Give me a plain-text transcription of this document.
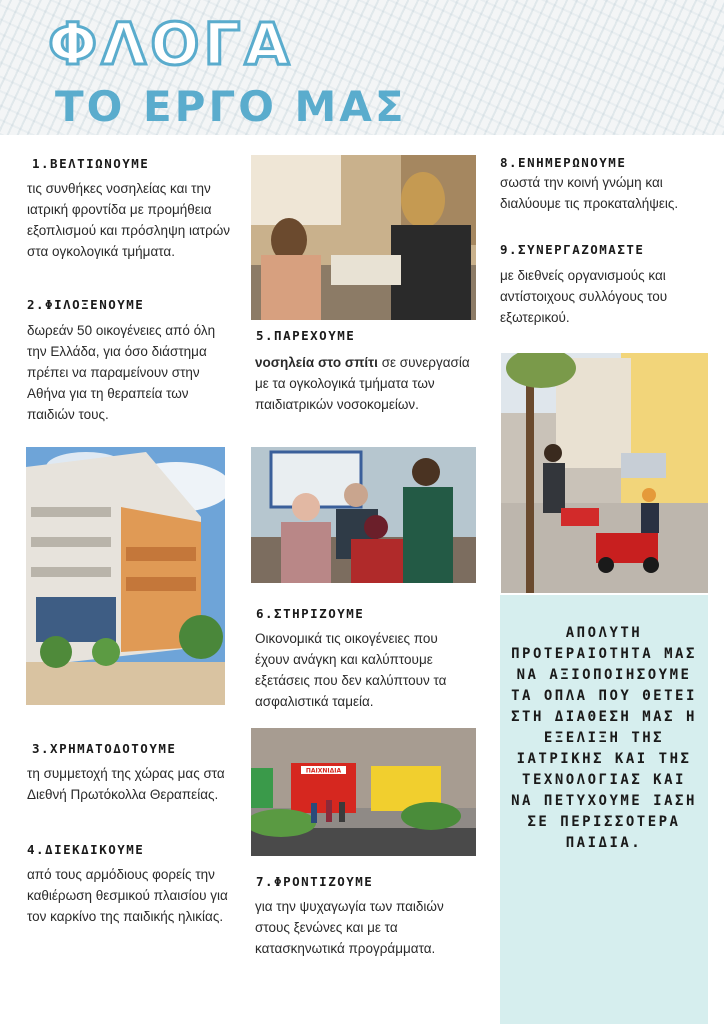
ΦΛΟΓΑ
ΤΟ ΕΡΓΟ ΜΑΣ
1.ΒΕΛΤΙΩΝΟΥΜΕ
τις συνθήκες νοσηλείας και την ιατρική φροντίδα με προμήθεια εξοπλισμού και πρόσληψη ιατρών στα ογκολογικά τμήματα.
2.ΦΙΛΟΞΕΝΟΥΜΕ
δωρεάν 50 οικογένειες από όλη την Ελλάδα, για όσο διάστημα πρέπει να παραμείνουν στην Αθήνα για τη θεραπεία των παιδιών τους.
3.ΧΡΗΜΑΤΟΔΟΤΟΥΜΕ
τη συμμετοχή της χώρας μας στα Διεθνή Πρωτόκολλα Θεραπείας.
4.ΔΙΕΚΔΙΚΟΥΜΕ
από τους αρμόδιους φορείς την καθιέρωση θεσμικού πλαισίου για τον καρκίνο της παιδικής ηλικίας.
5.ΠΑΡΕΧΟΥΜΕ
νοσηλεία στο σπίτι σε συνεργασία με τα ογκολογικά τμήματα των παιδιατρικών νοσοκομείων.
6.ΣΤΗΡΙΖΟΥΜΕ
Οικονομικά τις οικογένειες που έχουν ανάγκη και καλύπτουμε εξετάσεις που δεν καλύπτουν τα ασφαλιστικά ταμεία.
ΠΑΙΧΝΙΔΙΑ
7.ΦΡΟΝΤΙΖΟΥΜΕ
για την ψυχαγωγία των παιδιών στους ξενώνες και με τα κατασκηνωτικά προγράμματα.
8.ΕΝΗΜΕΡΩΝΟΥΜΕ
σωστά την κοινή γνώμη και διαλύουμε τις προκαταλήψεις.
9.ΣΥΝΕΡΓΑΖΟΜΑΣΤΕ
με διεθνείς οργανισμούς και αντίστοιχους συλλόγους του εξωτερικού.
ΑΠΟΛΥΤΗ ΠΡΟΤΕΡΑΙΟΤΗΤΑ ΜΑΣ ΝΑ ΑΞΙΟΠΟΙΗΣΟΥΜΕ ΤΑ ΟΠΛΑ ΠΟΥ ΘΕΤΕΙ ΣΤΗ ΔΙΑΘΕΣΗ ΜΑΣ Η ΕΞΕΛΙΞΗ ΤΗΣ ΙΑΤΡΙΚΗΣ ΚΑΙ ΤΗΣ ΤΕΧΝΟΛΟΓΙΑΣ ΚΑΙ ΝΑ ΠΕΤΥΧΟΥΜΕ ΙΑΣΗ ΣΕ ΠΕΡΙΣΣΟΤΕΡΑ ΠΑΙΔΙΑ.
